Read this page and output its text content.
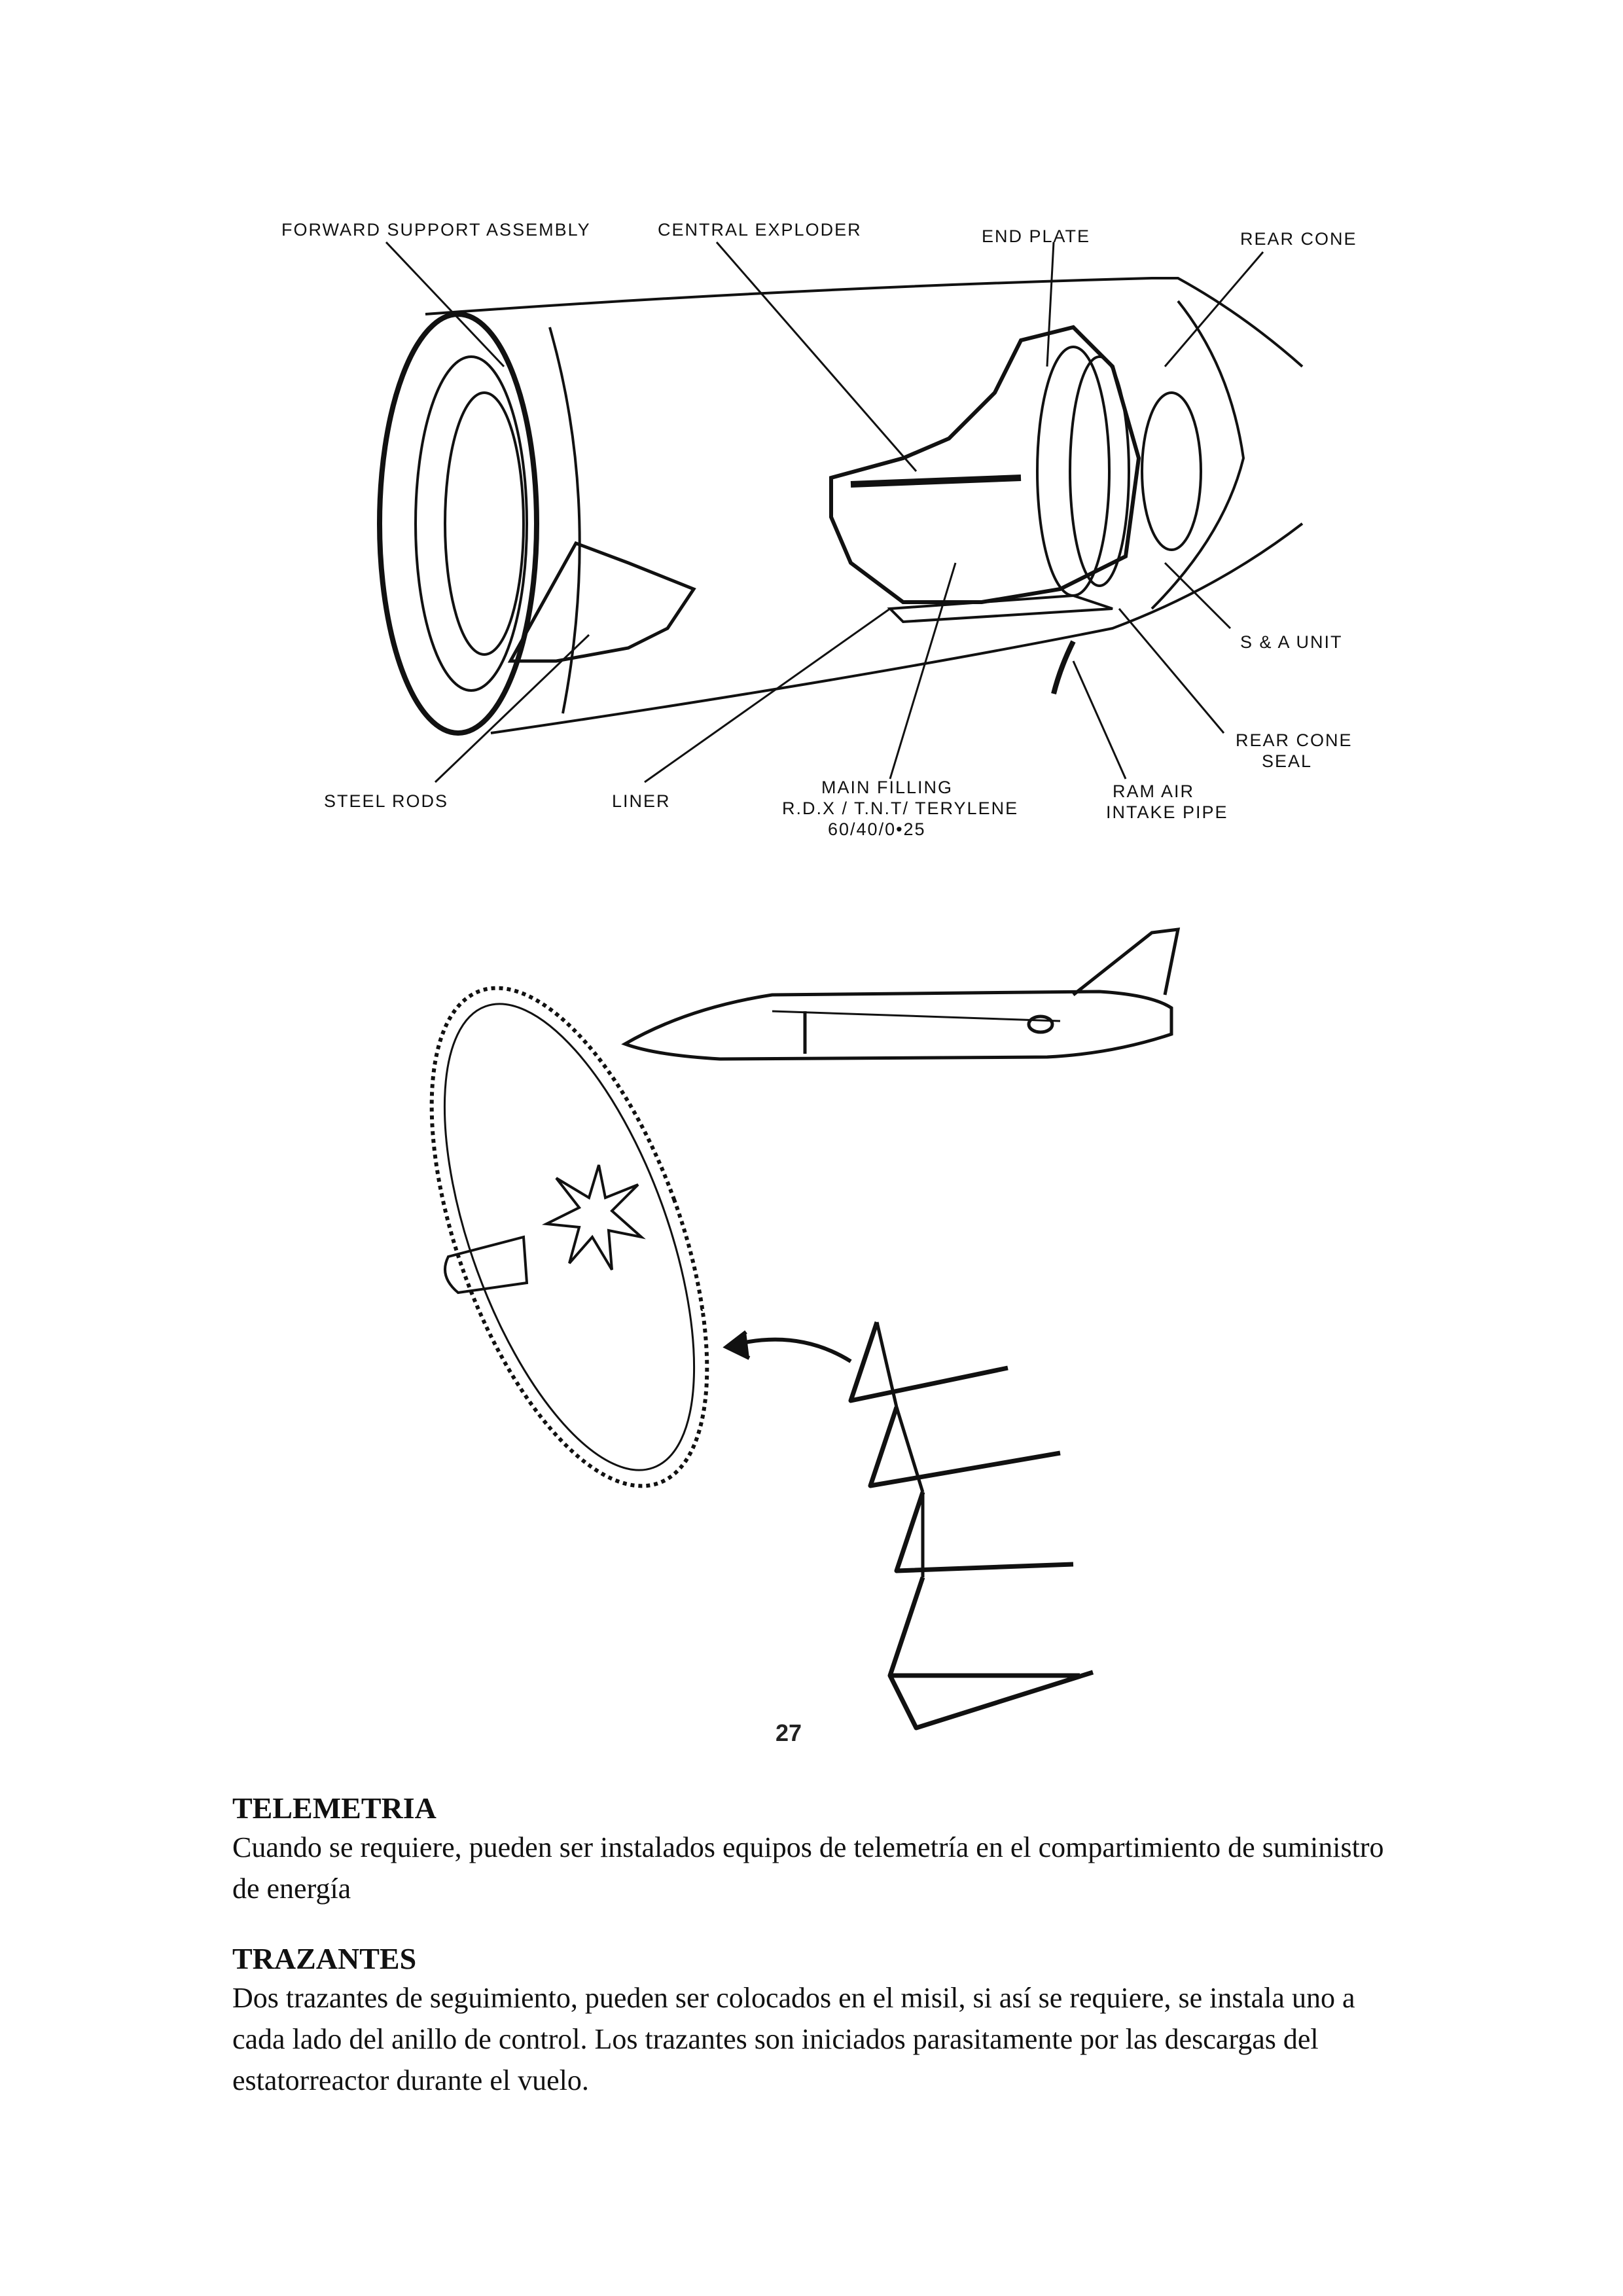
FORWARD SUPPORT ASSEMBLY	CENTRAL EXPLODER	END PLATE	REAR CONE
S & A UNIT
REAR CONE
SEAL
STEEL RODS	LINER
MAIN FILLING
R.D.X / T.N.T/ TERYLENE
60/40/0•25
RAM AIR
INTAKE PIPE
27

TELEMETRIA

Cuando se requiere, pueden ser instalados equipos de telemetría en el compartimiento de suministro de energía

TRAZANTES

Dos trazantes de seguimiento, pueden ser colocados en el misil, si así se requiere, se instala uno a cada lado del anillo de control. Los trazantes son iniciados parasitamente por las descargas del estatorreactor durante el vuelo.
